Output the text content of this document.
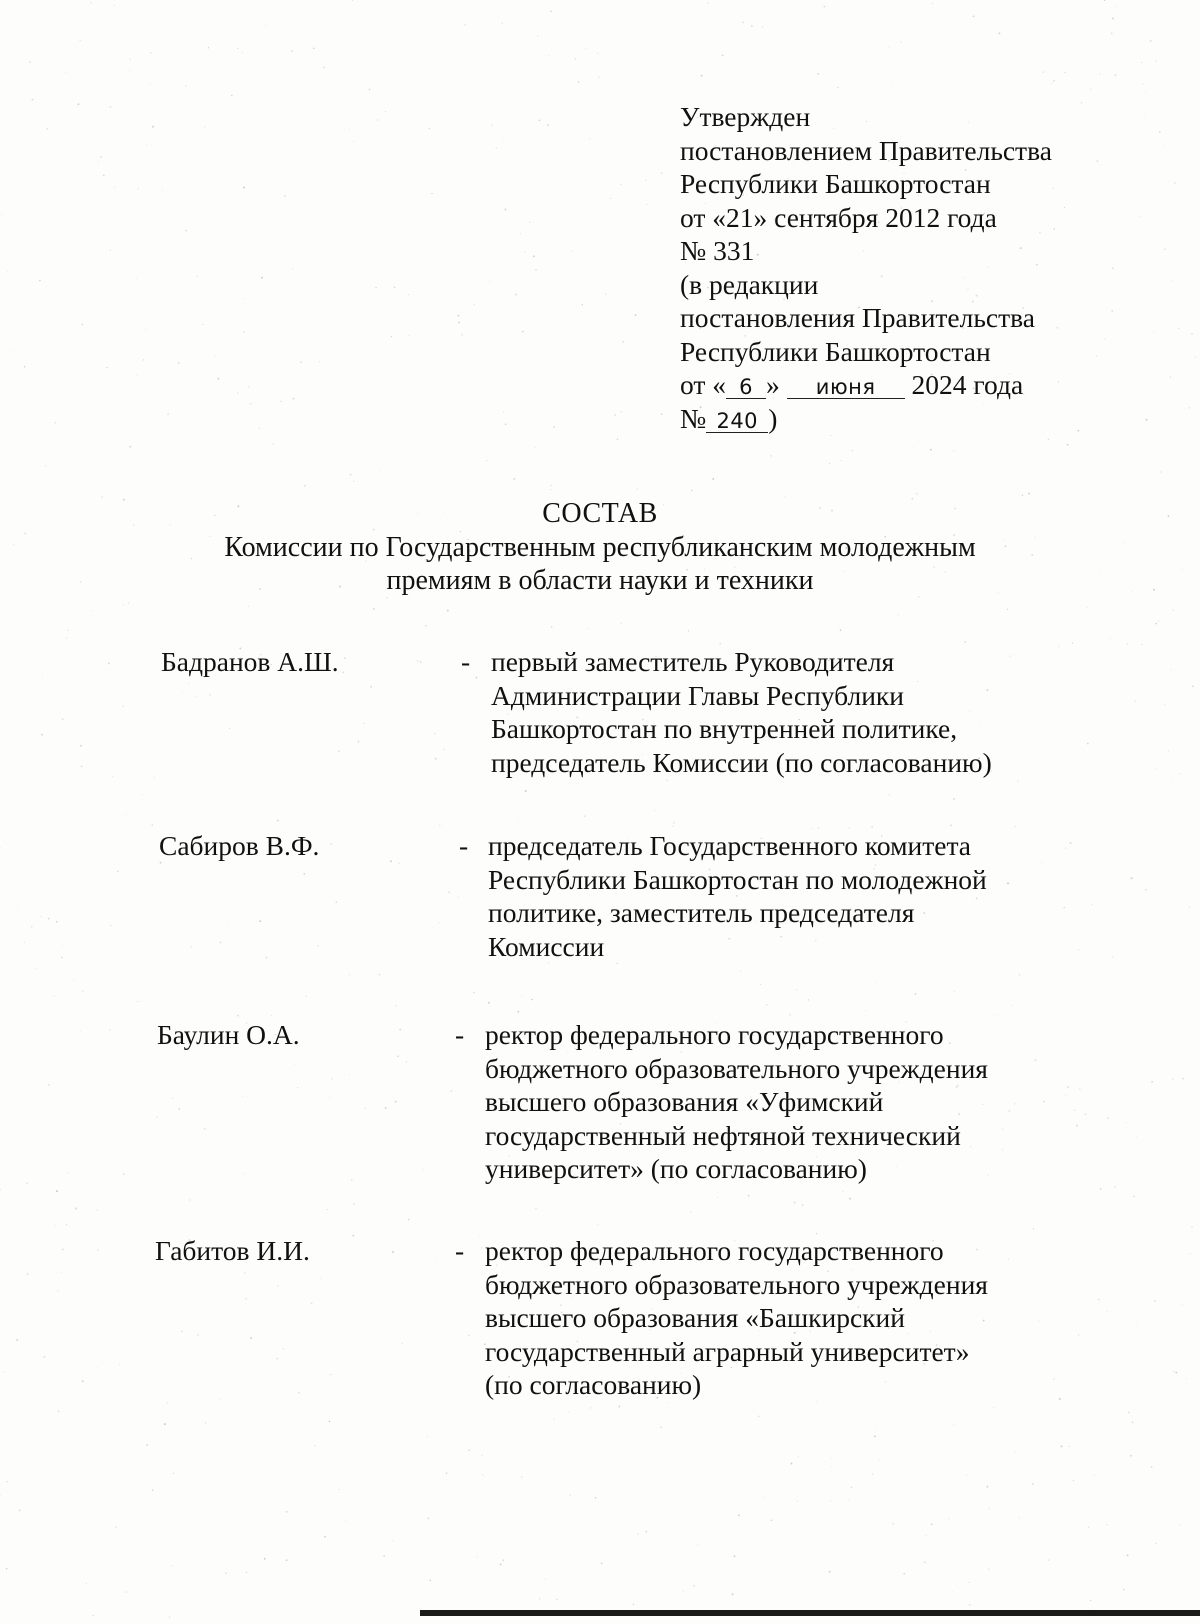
Утвержден
постановлением Правительства
Республики Башкортостан
от «21» сентября 2012 года
№ 331
(в редакции
постановления Правительства
Республики Башкортостан
от « 6 » июня 2024 года
№ 240 )
СОСТАВ
Комиссии по Государственным республиканским молодежным
премиям в области науки и техники
Бадранов А.Ш.	- первый заместитель Руководителя
Администрации Главы Республики
Башкортостан по внутренней политике,
председатель Комиссии (по согласованию)
Сабиров В.Ф.	- председатель Государственного комитета
Республики Башкортостан по молодежной
политике, заместитель председателя
Комиссии
Баулин О.А.	- ректор федерального государственного
бюджетного образовательного учреждения
высшего образования «Уфимский
государственный нефтяной технический
университет» (по согласованию)
Габитов И.И.	- ректор федерального государственного
бюджетного образовательного учреждения
высшего образования «Башкирский
государственный аграрный университет»
(по согласованию)
